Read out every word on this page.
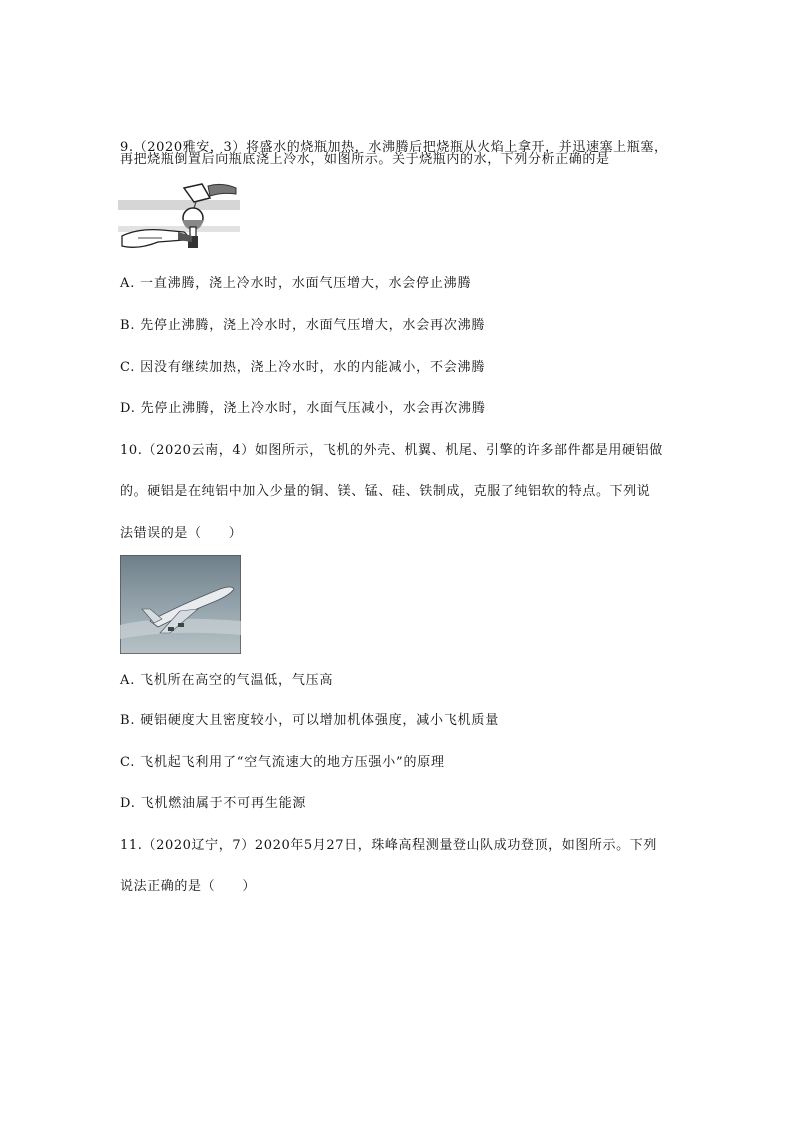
9.（2020雅安，3）将盛水的烧瓶加热，水沸腾后把烧瓶从火焰上拿开，并迅速塞上瓶塞，
再把烧瓶倒置后向瓶底浇上冷水，如图所示。关于烧瓶内的水，下列分析正确的是
A. 一直沸腾，浇上冷水时，水面气压增大，水会停止沸腾
B. 先停止沸腾，浇上冷水时，水面气压增大，水会再次沸腾
C. 因没有继续加热，浇上冷水时，水的内能减小，不会沸腾
D. 先停止沸腾，浇上冷水时，水面气压减小，水会再次沸腾
10.（2020云南，4）如图所示，飞机的外壳、机翼、机尾、引擎的许多部件都是用硬铝做
的。硬铝是在纯铝中加入少量的铜、镁、锰、硅、铁制成，克服了纯铝软的特点。下列说
法错误的是（　　）
A. 飞机所在高空的气温低，气压高
B. 硬铝硬度大且密度较小，可以增加机体强度，减小飞机质量
C. 飞机起飞利用了“空气流速大的地方压强小”的原理
D. 飞机燃油属于不可再生能源
11.（2020辽宁，7）2020年5月27日，珠峰高程测量登山队成功登顶，如图所示。下列
说法正确的是（　　）
